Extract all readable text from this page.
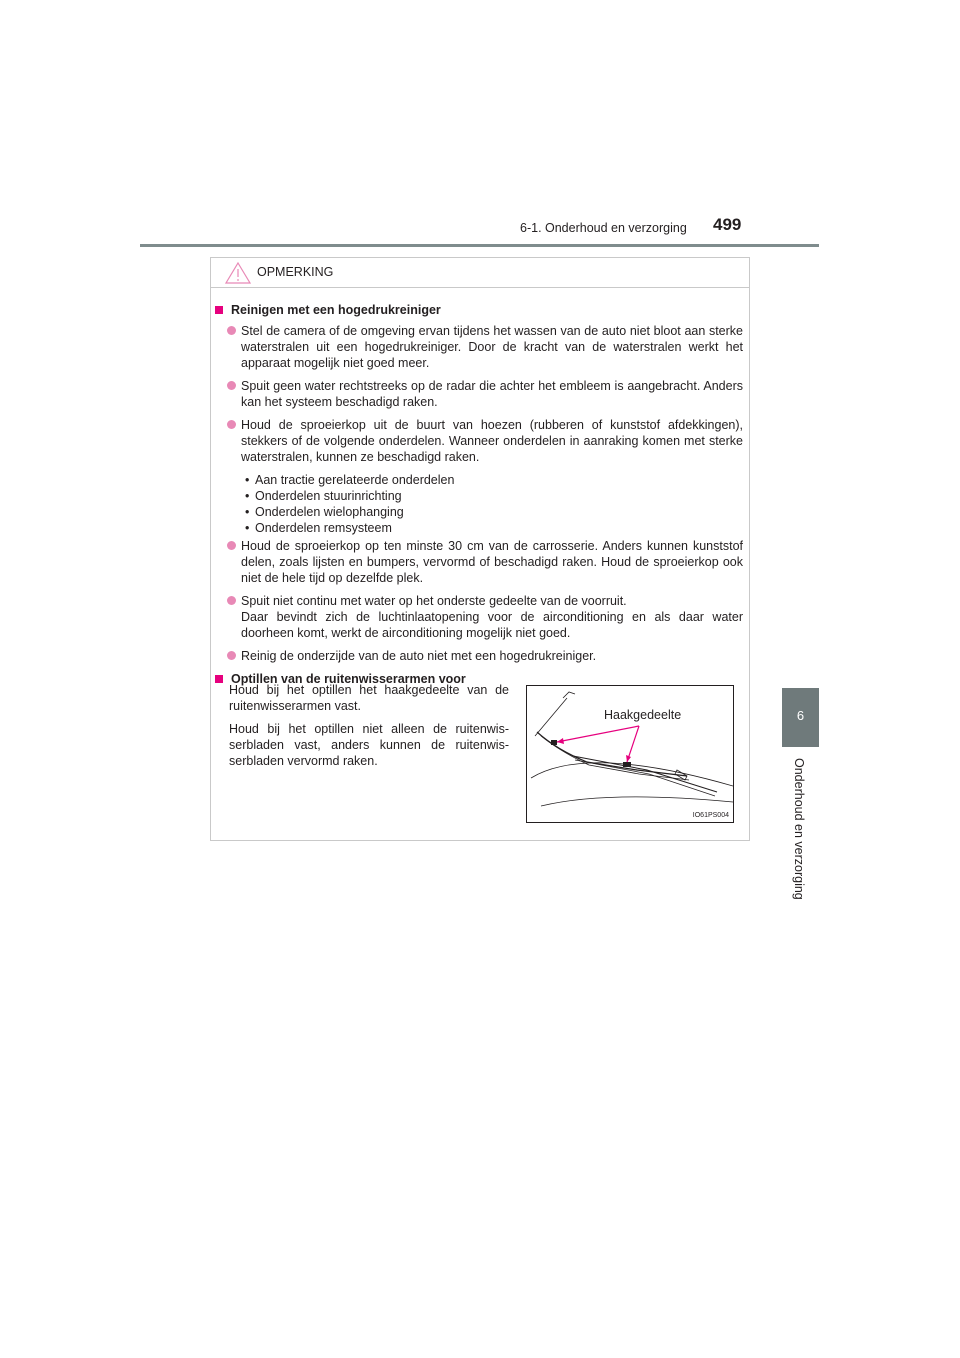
6-1. Onderhoud en verzorging 499
6
Onderhoud en verzorging
OPMERKING
Reinigen met een hogedrukreiniger
Stel de camera of de omgeving ervan tijdens het wassen van de auto niet bloot aan sterke waterstralen uit een hogedrukreiniger. Door de kracht van de waterstralen werkt het apparaat mogelijk niet goed meer.
Spuit geen water rechtstreeks op de radar die achter het embleem is aangebracht. Anders kan het systeem beschadigd raken.
Houd de sproeierkop uit de buurt van hoezen (rubberen of kunststof afdekkingen), stekkers of de volgende onderdelen. Wanneer onderdelen in aanraking komen met sterke waterstralen, kunnen ze beschadigd raken.
• Aan tractie gerelateerde onderdelen
• Onderdelen stuurinrichting
• Onderdelen wielophanging
• Onderdelen remsysteem
Houd de sproeierkop op ten minste 30 cm van de carrosserie. Anders kunnen kunststof delen, zoals lijsten en bumpers, vervormd of beschadigd raken. Houd de sproeierkop ook niet de hele tijd op dezelfde plek.
Spuit niet continu met water op het onderste gedeelte van de voorruit.
Daar bevindt zich de luchtinlaatopening voor de airconditioning en als daar water doorheen komt, werkt de airconditioning mogelijk niet goed.
Reinig de onderzijde van de auto niet met een hogedrukreiniger.
Optillen van de ruitenwisserarmen voor

Houd bij het optillen het haakgedeelte van de ruitenwisserarmen vast.

Houd bij het optillen niet alleen de ruitenwis-serbladen vast, anders kunnen de ruitenwis-serbladen vervormd raken.

Haakgedeelte
IO61PS004
